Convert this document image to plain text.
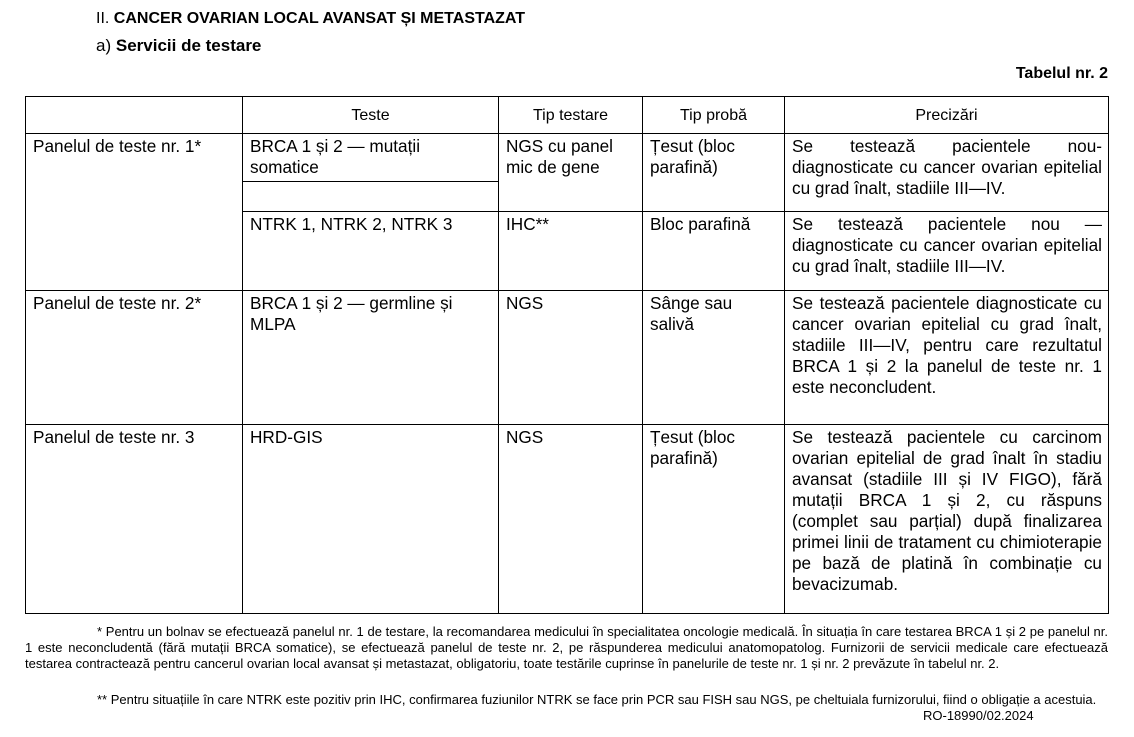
II. CANCER OVARIAN LOCAL AVANSAT ȘI METASTAZAT
a) Servicii de testare
Tabelul nr. 2
	Teste	Tip testare	Tip probă	Precizări
Panelul de teste nr. 1*	BRCA 1 și 2 — mutații somatice	NGS cu panel mic de gene	Țesut (bloc parafină)	Se testează pacientele nou-diagnosticate cu cancer ovarian epitelial cu grad înalt, stadiile III—IV.

	NTRK 1, NTRK 2, NTRK 3	IHC**	Bloc parafină	Se testează pacientele nou — diagnosticate cu cancer ovarian epitelial cu grad înalt, stadiile III—IV.
Panelul de teste nr. 2*	BRCA 1 și 2 — germline și MLPA	NGS	Sânge sau salivă	Se testează pacientele diagnosticate cu cancer ovarian epitelial cu grad înalt, stadiile III—IV, pentru care rezultatul BRCA 1 și 2 la panelul de teste nr. 1 este neconcludent.
Panelul de teste nr. 3	HRD-GIS	NGS	Țesut (bloc parafină)	Se testează pacientele cu carcinom ovarian epitelial de grad înalt în stadiu avansat (stadiile III și IV FIGO), fără mutații BRCA 1 și 2, cu răspuns (complet sau parțial) după finalizarea primei linii de tratament cu chimioterapie pe bază de platină în combinație cu bevacizumab.
* Pentru un bolnav se efectuează panelul nr. 1 de testare, la recomandarea medicului în specialitatea oncologie medicală. În situația în care testarea BRCA 1 și 2 pe panelul nr. 1 este neconcludentă (fără mutații BRCA somatice), se efectuează panelul de teste nr. 2, pe răspunderea medicului anatomopatolog. Furnizorii de servicii medicale care efectuează testarea contractează pentru cancerul ovarian local avansat și metastazat, obligatoriu, toate testările cuprinse în panelurile de teste nr. 1 și nr. 2 prevăzute în tabelul nr. 2.
** Pentru situațiile în care NTRK este pozitiv prin IHC, confirmarea fuziunilor NTRK se face prin PCR sau FISH sau NGS, pe cheltuiala furnizorului, fiind o obligație a acestuia.
RO-18990/02.2024
